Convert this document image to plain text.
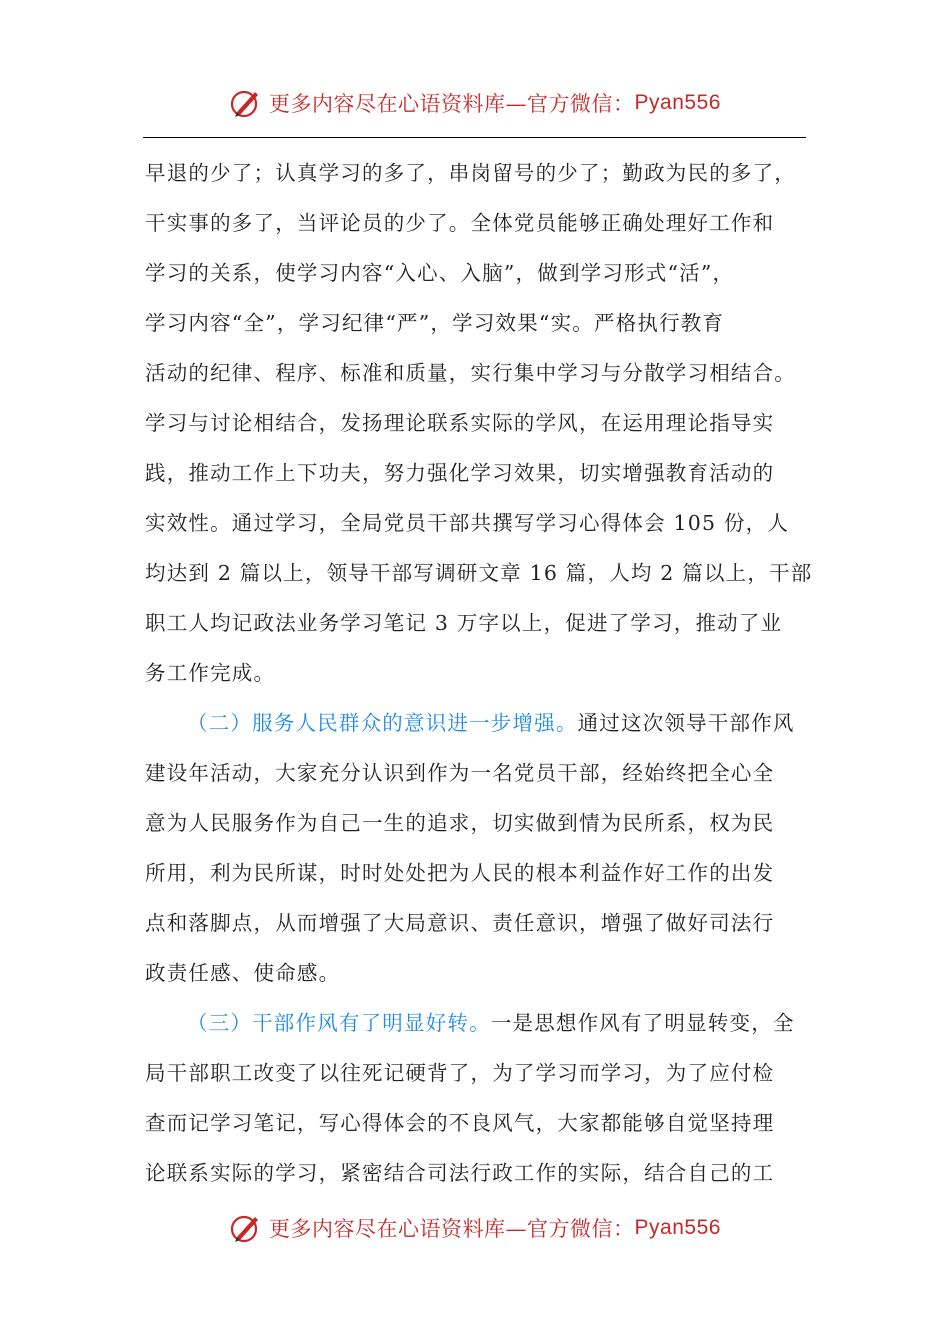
更多内容尽在心语资料库—官方微信： Pyan556
早退的少了；认真学习的多了，串岗留号的少了；勤政为民的多了，
干实事的多了，当评论员的少了。全体党员能够正确处理好工作和
学习的关系，使学习内容“入心、入脑”，做到学习形式“活”，
学习内容“全”，学习纪律“严”，学习效果“实。严格执行教育
活动的纪律、程序、标准和质量，实行集中学习与分散学习相结合。
学习与讨论相结合，发扬理论联系实际的学风，在运用理论指导实
践，推动工作上下功夫，努力强化学习效果，切实增强教育活动的
实效性。通过学习，全局党员干部共撰写学习心得体会 105 份，人
均达到 2 篇以上，领导干部写调研文章 16 篇，人均 2 篇以上，干部
职工人均记政法业务学习笔记 3 万字以上，促进了学习，推动了业
务工作完成。
（二）服务人民群众的意识进一步增强。通过这次领导干部作风
建设年活动，大家充分认识到作为一名党员干部，经始终把全心全
意为人民服务作为自己一生的追求，切实做到情为民所系，权为民
所用，利为民所谋，时时处处把为人民的根本利益作好工作的出发
点和落脚点，从而增强了大局意识、责任意识，增强了做好司法行
政责任感、使命感。
（三）干部作风有了明显好转。一是思想作风有了明显转变，全
局干部职工改变了以往死记硬背了，为了学习而学习，为了应付检
查而记学习笔记，写心得体会的不良风气，大家都能够自觉坚持理
论联系实际的学习，紧密结合司法行政工作的实际，结合自己的工
更多内容尽在心语资料库—官方微信： Pyan556
